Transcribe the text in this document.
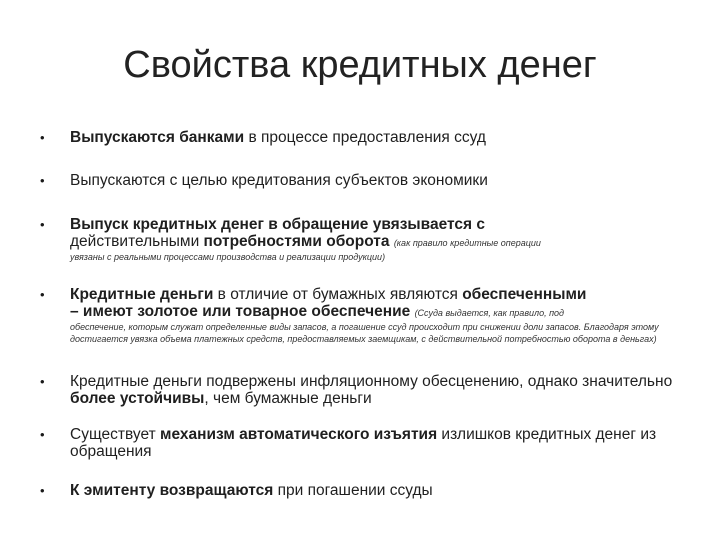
Свойства кредитных денег
• Выпускаются банками в процессе предоставления ссуд
• Выпускаются с целью кредитования субъектов экономики
• Выпуск кредитных денег в обращение увязывается с
действительными потребностями оборота (как правило кредитные операции
увязаны с реальными процессами производства и реализации продукции)
• Кредитные деньги в отличие от бумажных являются обеспеченными
– имеют золотое или товарное обеспечение (Ссуда выдается, как правило, под
обеспечение, которым служат определенные виды запасов, а погашение ссуд происходит при снижении доли запасов. Благодаря этому достигается увязка объема платежных средств, предоставляемых заемщикам, с действительной потребностью оборота в деньгах)
• Кредитные деньги подвержены инфляционному обесценению, однако значительно более устойчивы, чем бумажные деньги
• Существует механизм автоматического изъятия излишков кредитных денег из обращения
• К эмитенту возвращаются при погашении ссуды
